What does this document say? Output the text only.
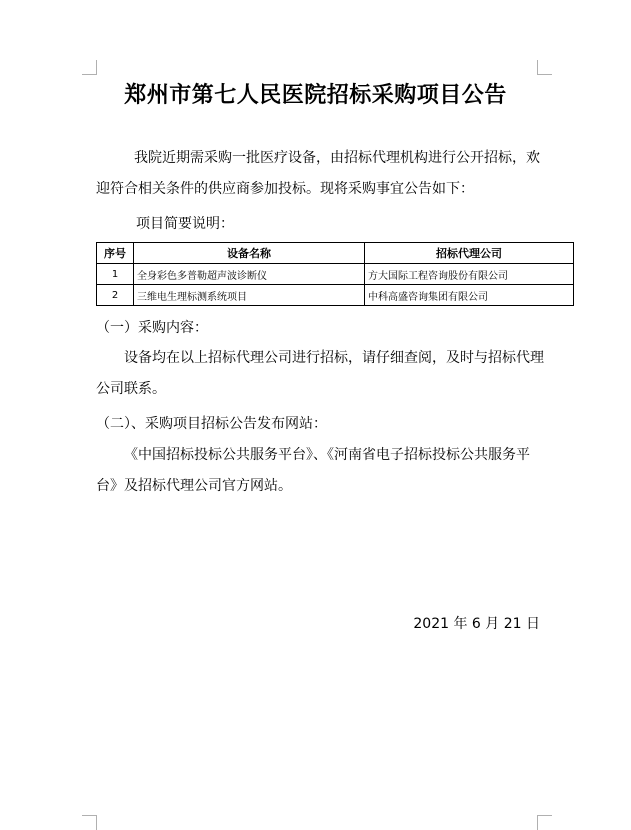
郑州市第七人民医院招标采购项目公告

我院近期需采购一批医疗设备，由招标代理机构进行公开招标，欢迎符合相关条件的供应商参加投标。现将采购事宜公告如下：

项目简要说明：

序号	设备名称	招标代理公司
1	全身彩色多普勒超声波诊断仪	方大国际工程咨询股份有限公司
2	三维电生理标测系统项目	中科高盛咨询集团有限公司

（一）采购内容：

设备均在以上招标代理公司进行招标，请仔细查阅，及时与招标代理公司联系。

（二）、采购项目招标公告发布网站：

《中国招标投标公共服务平台》、《河南省电子招标投标公共服务平台》及招标代理公司官方网站。

2021 年 6 月 21 日
